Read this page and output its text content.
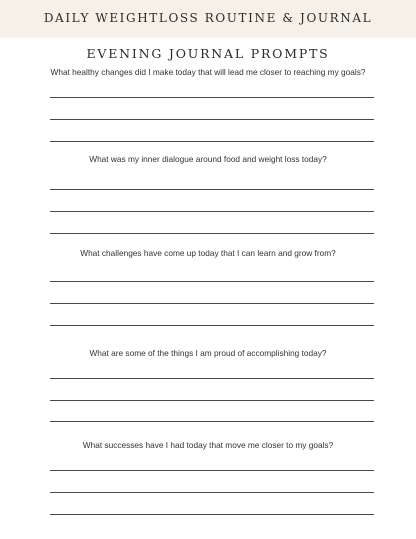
DAILY WEIGHTLOSS ROUTINE & JOURNAL
EVENING JOURNAL PROMPTS
What healthy changes did I make today that will lead me closer to reaching my goals?
What was my inner dialogue around food and weight loss today?
What challenges have come up today that I can learn and grow from?
What are some of the things I am proud of accomplishing today?
What successes have I had today that move me closer to my goals?
